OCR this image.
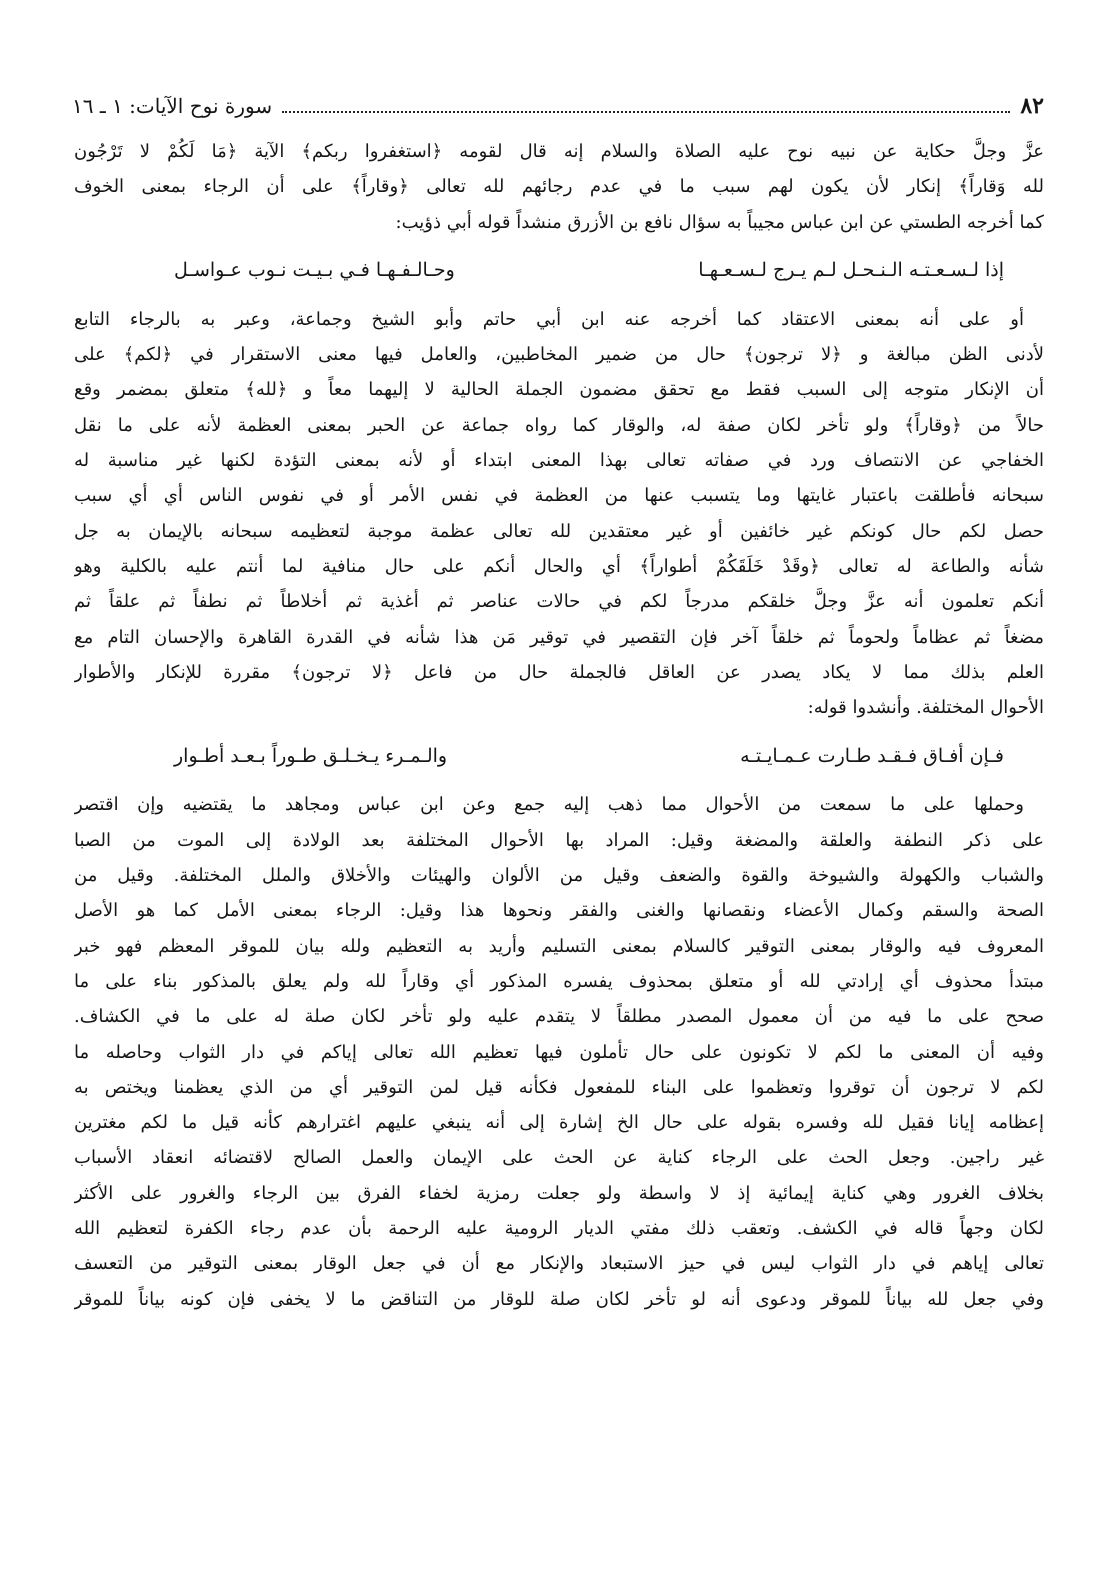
٨٢
سورة نوح الآيات: ١ ـ ١٦
عزَّ وجلَّ حكاية عن نبيه نوح عليه الصلاة والسلام إنه قال لقومه ﴿استغفروا ربكم﴾ الآية ﴿مَا لَكُمْ لا تَرْجُون
لله وَقاراً﴾ إنكار لأن يكون لهم سبب ما في عدم رجائهم لله تعالى ﴿وقاراً﴾ على أن الرجاء بمعنى الخوف
كما أخرجه الطستي عن ابن عباس مجيباً به سؤال نافع بن الأزرق منشداً قوله أبي ذؤيب:
إذا لـسـعـتـه الـنـحـل لـم يـرج لـسـعـهـا
وحـالـفـهـا فـي بـيـت نـوب عـواسـل
أو على أنه بمعنى الاعتقاد كما أخرجه عنه ابن أبي حاتم وأبو الشيخ وجماعة، وعبر به بالرجاء التابع
لأدنى الظن مبالغة و ﴿لا ترجون﴾ حال من ضمير المخاطبين، والعامل فيها معنى الاستقرار في ﴿لكم﴾ على
أن الإنكار متوجه إلى السبب فقط مع تحقق مضمون الجملة الحالية لا إليهما معاً و ﴿لله﴾ متعلق بمضمر وقع
حالاً من ﴿وقاراً﴾ ولو تأخر لكان صفة له، والوقار كما رواه جماعة عن الحبر بمعنى العظمة لأنه على ما نقل
الخفاجي عن الانتصاف ورد في صفاته تعالى بهذا المعنى ابتداء أو لأنه بمعنى التؤدة لكنها غير مناسبة له
سبحانه فأطلقت باعتبار غايتها وما يتسبب عنها من العظمة في نفس الأمر أو في نفوس الناس أي أي سبب
حصل لكم حال كونكم غير خائفين أو غير معتقدين لله تعالى عظمة موجبة لتعظيمه سبحانه بالإيمان به جل
شأنه والطاعة له تعالى ﴿وقَدْ خَلَقَكُمْ أطواراً﴾ أي والحال أنكم على حال منافية لما أنتم عليه بالكلية وهو
أنكم تعلمون أنه عزَّ وجلَّ خلقكم مدرجاً لكم في حالات عناصر ثم أغذية ثم أخلاطاً ثم نطفاً ثم علقاً ثم
مضغاً ثم عظاماً ولحوماً ثم خلقاً آخر فإن التقصير في توقير مَن هذا شأنه في القدرة القاهرة والإحسان التام مع
العلم بذلك مما لا يكاد يصدر عن العاقل فالجملة حال من فاعل ﴿لا ترجون﴾ مقررة للإنكار والأطوار
الأحوال المختلفة. وأنشدوا قوله:
فـإن أفـاق فـقـد طـارت عـمـايـتـه
والـمـرء يـخـلـق طـوراً بـعـد أطـوار
وحملها على ما سمعت من الأحوال مما ذهب إليه جمع وعن ابن عباس ومجاهد ما يقتضيه وإن اقتصر
على ذكر النطفة والعلقة والمضغة وقيل: المراد بها الأحوال المختلفة بعد الولادة إلى الموت من الصبا
والشباب والكهولة والشيوخة والقوة والضعف وقيل من الألوان والهيئات والأخلاق والملل المختلفة. وقيل من
الصحة والسقم وكمال الأعضاء ونقصانها والغنى والفقر ونحوها هذا وقيل: الرجاء بمعنى الأمل كما هو الأصل
المعروف فيه والوقار بمعنى التوقير كالسلام بمعنى التسليم وأريد به التعظيم ولله بيان للموقر المعظم فهو خبر
مبتدأ محذوف أي إرادتي لله أو متعلق بمحذوف يفسره المذكور أي وقاراً لله ولم يعلق بالمذكور بناء على ما
صحح على ما فيه من أن معمول المصدر مطلقاً لا يتقدم عليه ولو تأخر لكان صلة له على ما في الكشاف.
وفيه أن المعنى ما لكم لا تكونون على حال تأملون فيها تعظيم الله تعالى إياكم في دار الثواب وحاصله ما
لكم لا ترجون أن توقروا وتعظموا على البناء للمفعول فكأنه قيل لمن التوقير أي من الذي يعظمنا ويختص به
إعظامه إيانا فقيل لله وفسره بقوله على حال الخ إشارة إلى أنه ينبغي عليهم اغترارهم كأنه قيل ما لكم مغترين
غير راجين. وجعل الحث على الرجاء كناية عن الحث على الإيمان والعمل الصالح لاقتضائه انعقاد الأسباب
بخلاف الغرور وهي كناية إيمائية إذ لا واسطة ولو جعلت رمزية لخفاء الفرق بين الرجاء والغرور على الأكثر
لكان وجهاً قاله في الكشف. وتعقب ذلك مفتي الديار الرومية عليه الرحمة بأن عدم رجاء الكفرة لتعظيم الله
تعالى إياهم في دار الثواب ليس في حيز الاستبعاد والإنكار مع أن في جعل الوقار بمعنى التوقير من التعسف
وفي جعل لله بياناً للموقر ودعوى أنه لو تأخر لكان صلة للوقار من التناقض ما لا يخفى فإن كونه بياناً للموقر
